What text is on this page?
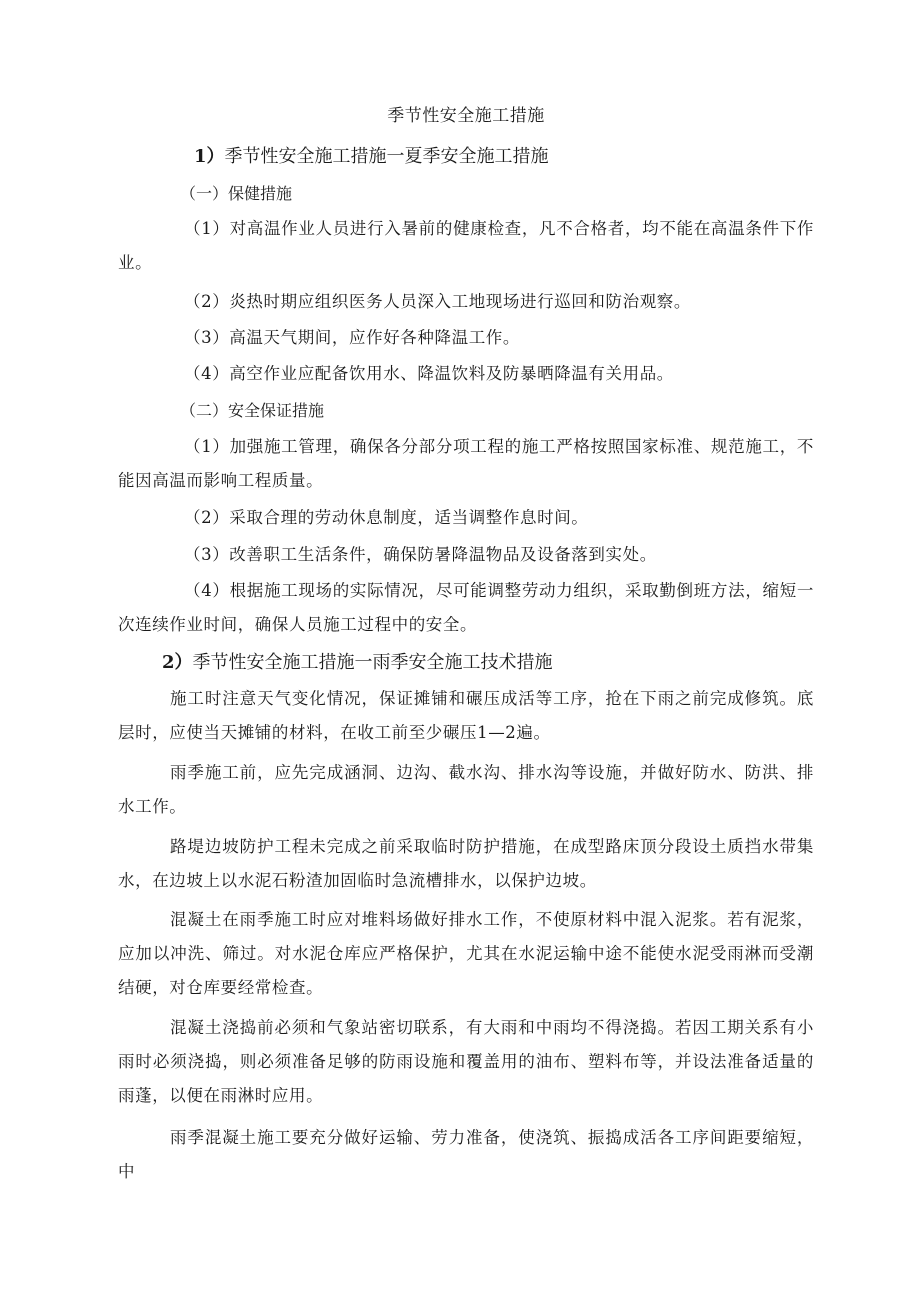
季节性安全施工措施
1）季节性安全施工措施一夏季安全施工措施
（一）保健措施
（1）对高温作业人员进行入暑前的健康检查，凡不合格者，均不能在高温条件下作业。
（2）炎热时期应组织医务人员深入工地现场进行巡回和防治观察。
（3）高温天气期间，应作好各种降温工作。
（4）高空作业应配备饮用水、降温饮料及防暴晒降温有关用品。
（二）安全保证措施
（1）加强施工管理，确保各分部分项工程的施工严格按照国家标准、规范施工，不能因高温而影响工程质量。
（2）采取合理的劳动休息制度，适当调整作息时间。
（3）改善职工生活条件，确保防暑降温物品及设备落到实处。
（4）根据施工现场的实际情况，尽可能调整劳动力组织，采取勤倒班方法，缩短一次连续作业时间，确保人员施工过程中的安全。
2）季节性安全施工措施一雨季安全施工技术措施
施工时注意天气变化情况，保证摊铺和碾压成活等工序，抢在下雨之前完成修筑。底层时，应使当天摊铺的材料，在收工前至少碾压1—2遍。
雨季施工前，应先完成涵洞、边沟、截水沟、排水沟等设施，并做好防水、防洪、排水工作。
路堤边坡防护工程未完成之前采取临时防护措施，在成型路床顶分段设土质挡水带集水，在边坡上以水泥石粉渣加固临时急流槽排水，以保护边坡。
混凝土在雨季施工时应对堆料场做好排水工作，不使原材料中混入泥浆。若有泥浆，应加以冲洗、筛过。对水泥仓库应严格保护，尤其在水泥运输中途不能使水泥受雨淋而受潮结硬，对仓库要经常检查。
混凝土浇捣前必须和气象站密切联系，有大雨和中雨均不得浇捣。若因工期关系有小雨时必须浇捣，则必须准备足够的防雨设施和覆盖用的油布、塑料布等，并设法准备适量的雨蓬，以便在雨淋时应用。
雨季混凝土施工要充分做好运输、劳力准备，使浇筑、振捣成活各工序间距要缩短，中
